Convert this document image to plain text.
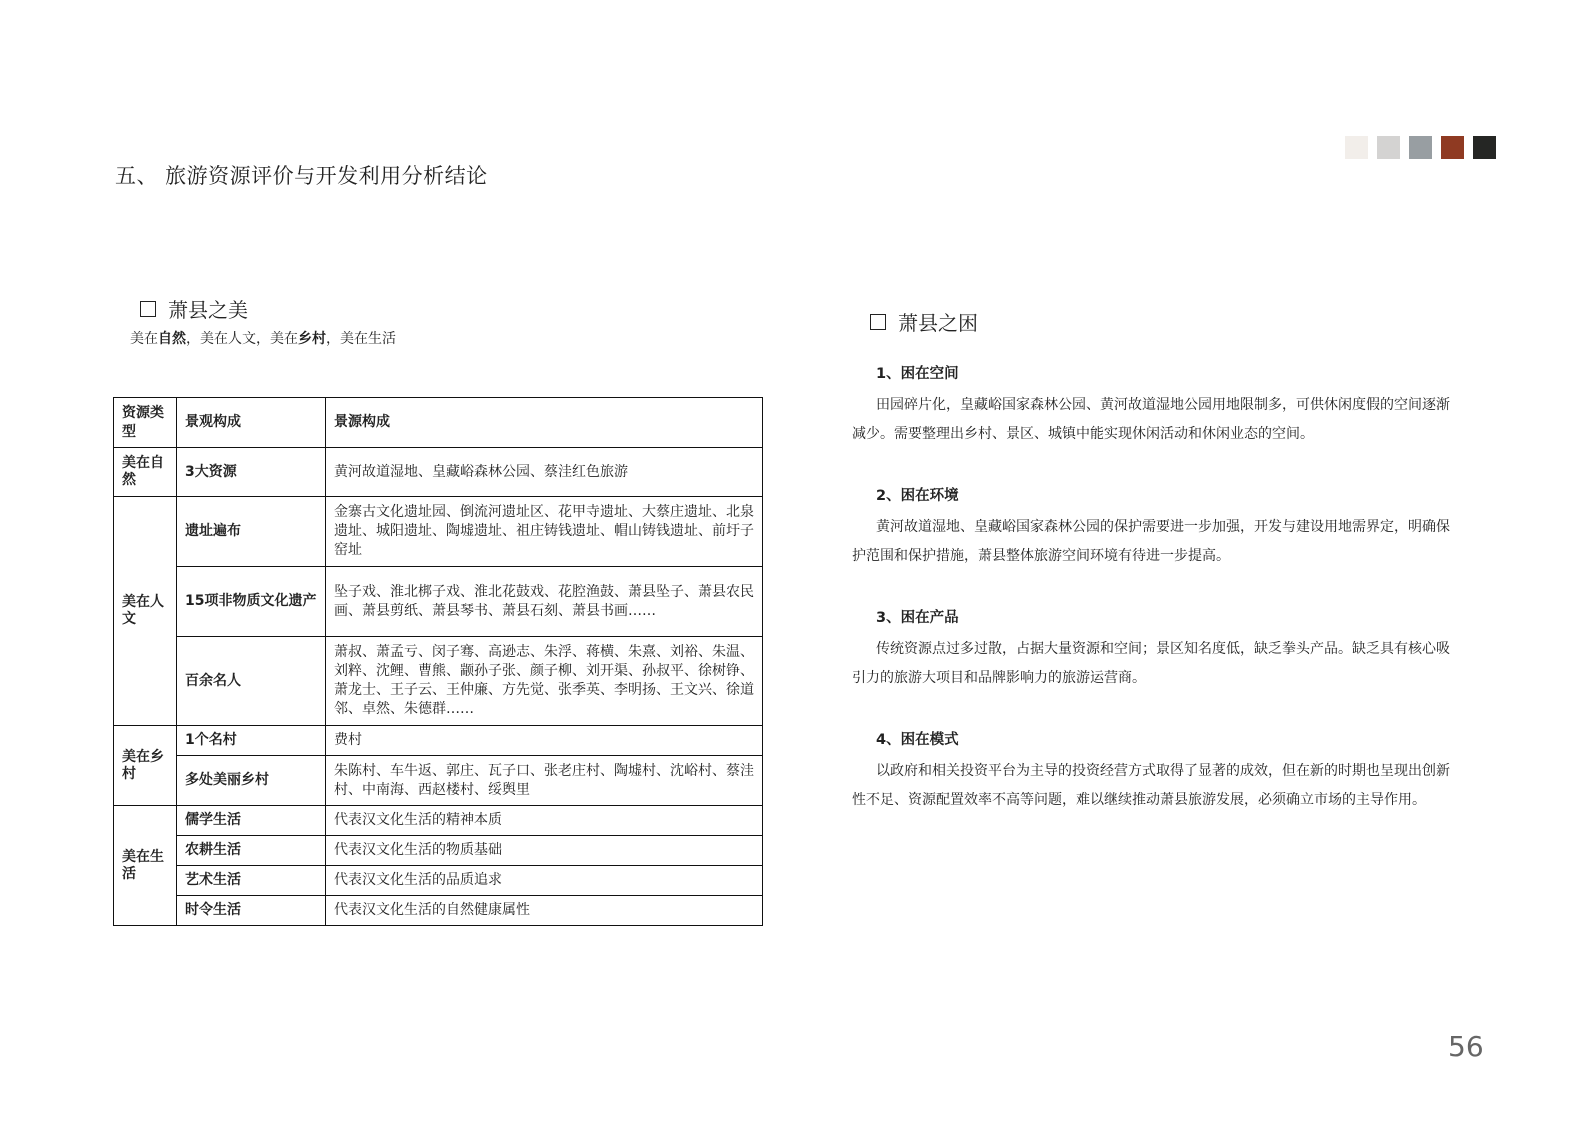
五、 旅游资源评价与开发利用分析结论
萧县之美
美在自然，美在人文，美在乡村，美在生活
资源类型	景观构成	景源构成
美在自然	3大资源	黄河故道湿地、皇藏峪森林公园、蔡洼红色旅游
美在人文	遗址遍布	金寨古文化遗址园、倒流河遗址区、花甲寺遗址、大蔡庄遗址、北泉遗址、城阳遗址、陶墟遗址、祖庄铸钱遗址、帽山铸钱遗址、前圩子窑址
	15项非物质文化遗产	坠子戏、淮北梆子戏、淮北花鼓戏、花腔渔鼓、萧县坠子、萧县农民画、萧县剪纸、萧县琴书、萧县石刻、萧县书画……
	百余名人	萧叔、萧孟亏、闵子骞、高逊志、朱浮、蒋横、朱熹、刘裕、朱温、刘粹、沈鲤、曹熊、颛孙子张、颜子柳、刘开渠、孙叔平、徐树铮、萧龙士、王子云、王仲廉、方先觉、张季英、李明扬、王文兴、徐道邻、卓然、朱德群……
美在乡村	1个名村	费村
	多处美丽乡村	朱陈村、车牛返、郭庄、瓦子口、张老庄村、陶墟村、沈峪村、蔡洼村、中南海、西赵楼村、绥舆里
美在生活	儒学生活	代表汉文化生活的精神本质
	农耕生活	代表汉文化生活的物质基础
	艺术生活	代表汉文化生活的品质追求
	时令生活	代表汉文化生活的自然健康属性
萧县之困
1、困在空间
田园碎片化，皇藏峪国家森林公园、黄河故道湿地公园用地限制多，可供休闲度假的空间逐渐减少。需要整理出乡村、景区、城镇中能实现休闲活动和休闲业态的空间。
2、困在环境
黄河故道湿地、皇藏峪国家森林公园的保护需要进一步加强，开发与建设用地需界定，明确保护范围和保护措施，萧县整体旅游空间环境有待进一步提高。
3、困在产品
传统资源点过多过散，占据大量资源和空间；景区知名度低，缺乏拳头产品。缺乏具有核心吸引力的旅游大项目和品牌影响力的旅游运营商。
4、困在模式
以政府和相关投资平台为主导的投资经营方式取得了显著的成效，但在新的时期也呈现出创新性不足、资源配置效率不高等问题，难以继续推动萧县旅游发展，必须确立市场的主导作用。
56
